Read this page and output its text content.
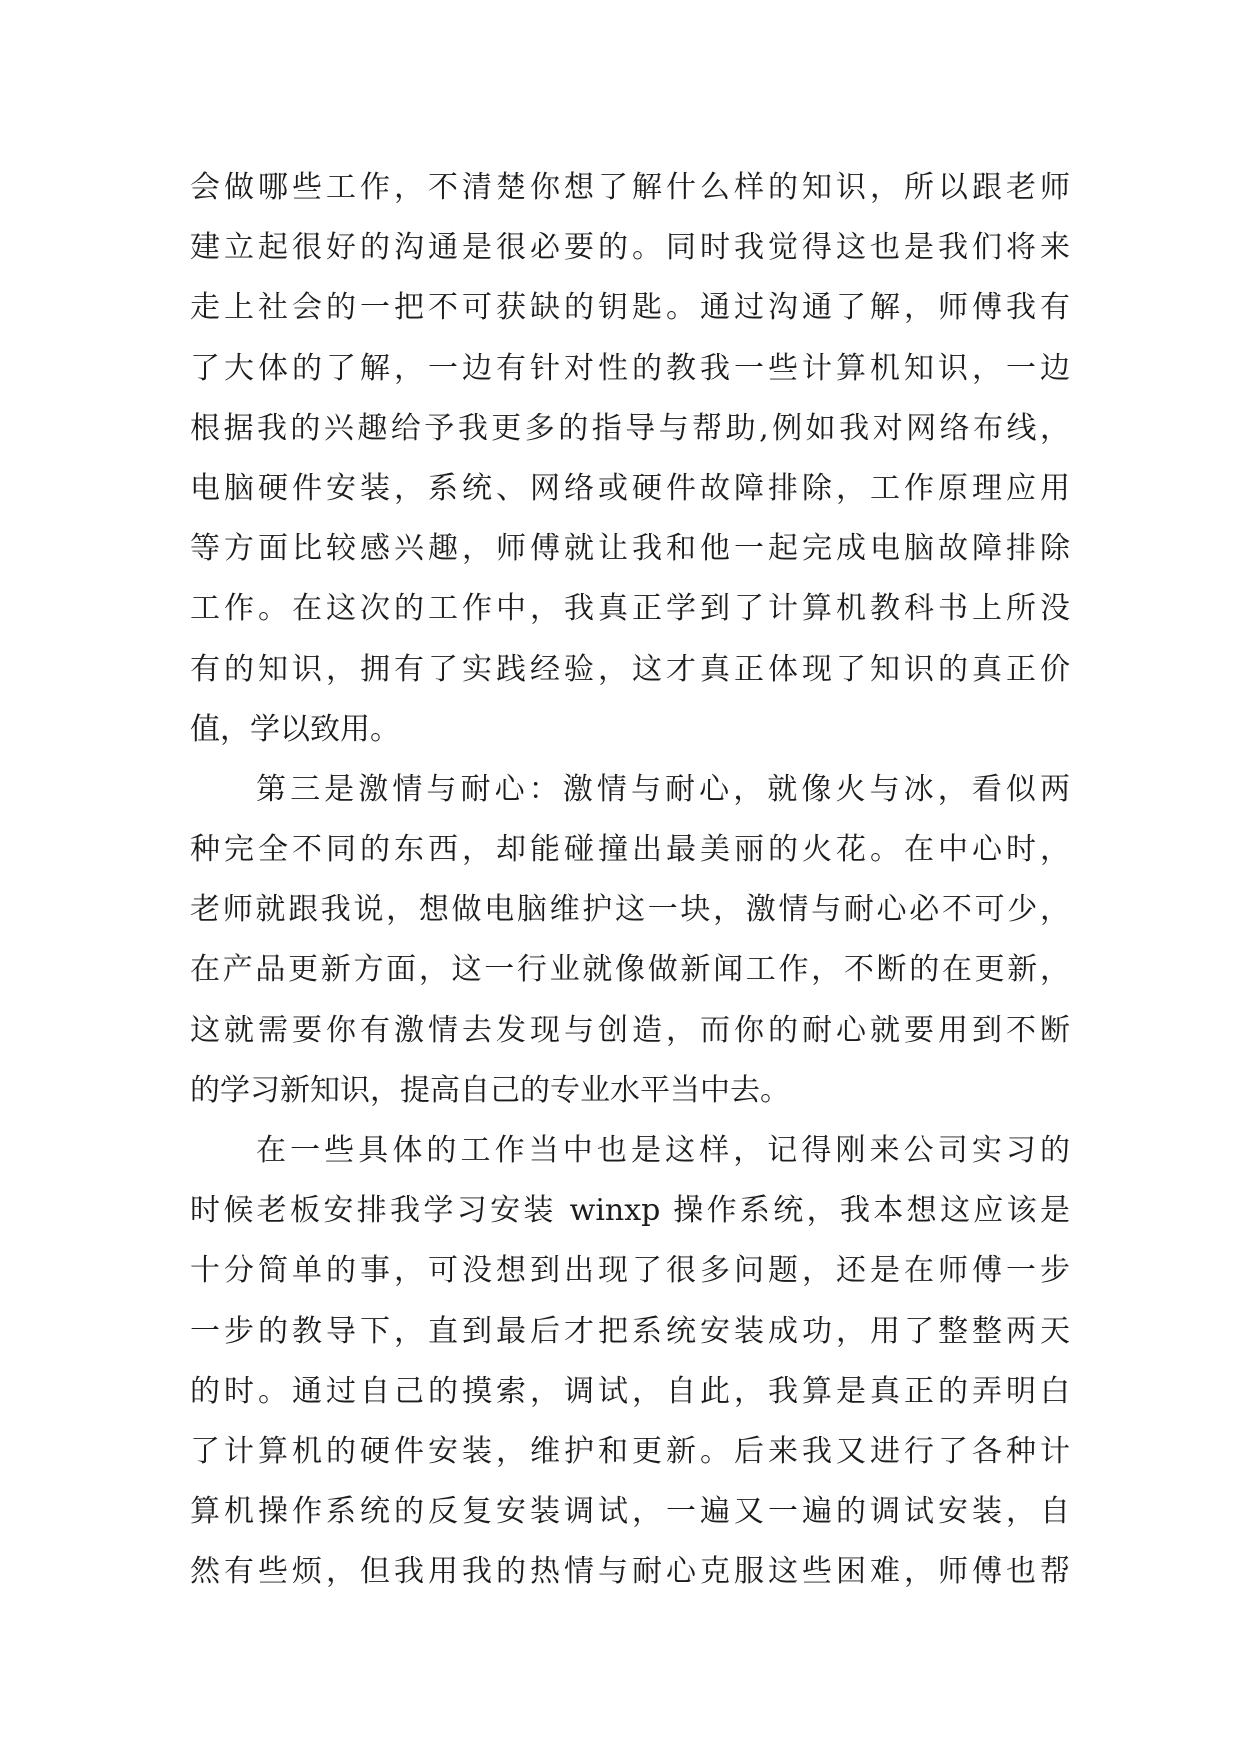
会做哪些工作，不清楚你想了解什么样的知识，所以跟老师
建立起很好的沟通是很必要的。同时我觉得这也是我们将来
走上社会的一把不可获缺的钥匙。通过沟通了解，师傅我有
了大体的了解，一边有针对性的教我一些计算机知识，一边
根据我的兴趣给予我更多的指导与帮助,例如我对网络布线，
电脑硬件安装，系统、网络或硬件故障排除，工作原理应用
等方面比较感兴趣，师傅就让我和他一起完成电脑故障排除
工作。在这次的工作中，我真正学到了计算机教科书上所没
有的知识，拥有了实践经验，这才真正体现了知识的真正价
值，学以致用。
第三是激情与耐心：激情与耐心，就像火与冰，看似两
种完全不同的东西，却能碰撞出最美丽的火花。在中心时，
老师就跟我说，想做电脑维护这一块，激情与耐心必不可少，
在产品更新方面，这一行业就像做新闻工作，不断的在更新，
这就需要你有激情去发现与创造，而你的耐心就要用到不断
的学习新知识，提高自己的专业水平当中去。
在一些具体的工作当中也是这样，记得刚来公司实习的
时候老板安排我学习安装 winxp 操作系统，我本想这应该是
十分简单的事，可没想到出现了很多问题，还是在师傅一步
一步的教导下，直到最后才把系统安装成功，用了整整两天
的时。通过自己的摸索，调试，自此，我算是真正的弄明白
了计算机的硬件安装，维护和更新。后来我又进行了各种计
算机操作系统的反复安装调试，一遍又一遍的调试安装，自
然有些烦，但我用我的热情与耐心克服这些困难，师傅也帮
